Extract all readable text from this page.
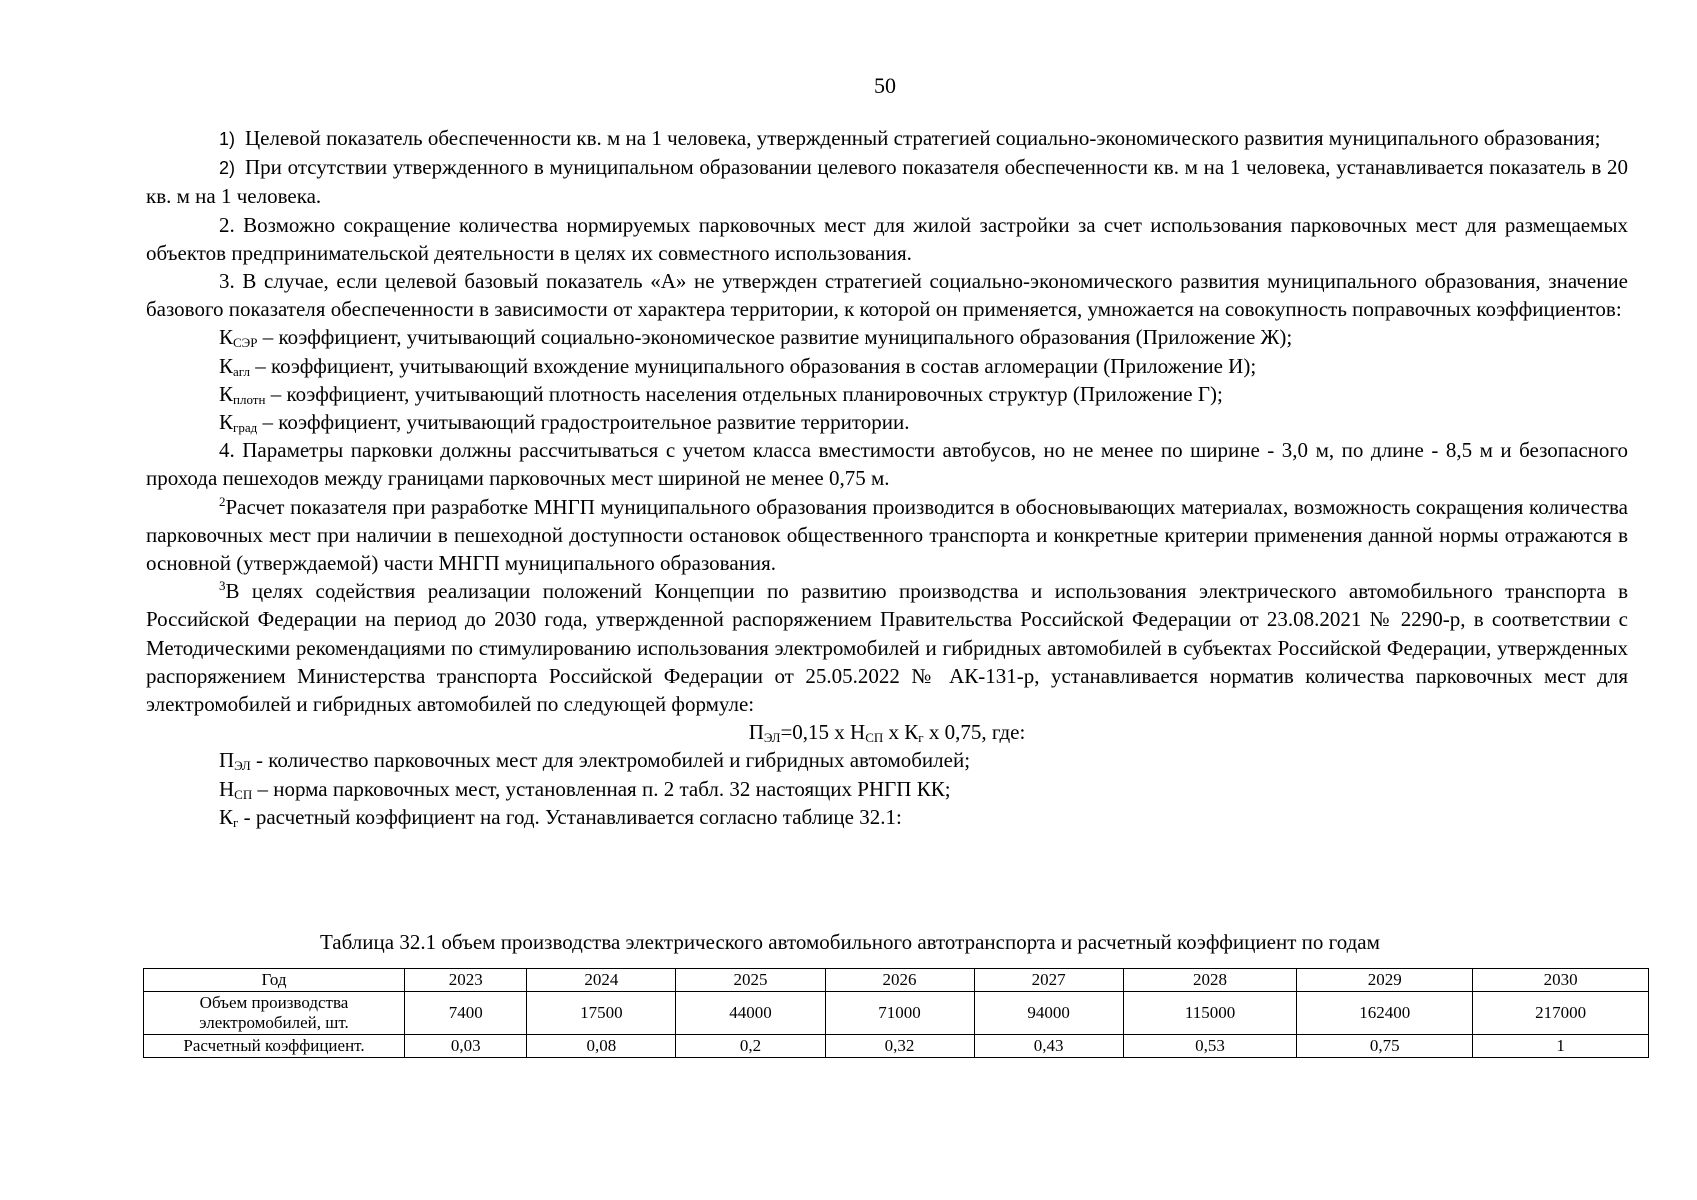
50

1) Целевой показатель обеспеченности кв. м на 1 человека, утвержденный стратегией социально-экономического развития муниципального образования;

2) При отсутствии утвержденного в муниципальном образовании целевого показателя обеспеченности кв. м на 1 человека, устанавливается показатель в 20 кв. м на 1 человека.

2. Возможно сокращение количества нормируемых парковочных мест для жилой застройки за счет использования парковочных мест для размещаемых объектов предпринимательской деятельности в целях их совместного использования.

3. В случае, если целевой базовый показатель «А» не утвержден стратегией социально-экономического развития муниципального образования, значение базового показателя обеспеченности в зависимости от характера территории, к которой он применяется, умножается на совокупность поправочных коэффициентов:

$К_{СЭР}$ – коэффициент, учитывающий социально-экономическое развитие муниципального образования (Приложение Ж);

$К_{агл}$ – коэффициент, учитывающий вхождение муниципального образования в состав агломерации (Приложение И);

$К_{плотн}$ – коэффициент, учитывающий плотность населения отдельных планировочных структур (Приложение Г);

$К_{град}$ – коэффициент, учитывающий градостроительное развитие территории.

4. Параметры парковки должны рассчитываться с учетом класса вместимости автобусов, но не менее по ширине - 3,0 м, по длине - 8,5 м и безопасного прохода пешеходов между границами парковочных мест шириной не менее 0,75 м.

$^2$Расчет показателя при разработке МНГП муниципального образования производится в обосновывающих материалах, возможность сокращения количества парковочных мест при наличии в пешеходной доступности остановок общественного транспорта и конкретные критерии применения данной нормы отражаются в основной (утверждаемой) части МНГП муниципального образования.

$^3$В целях содействия реализации положений Концепции по развитию производства и использования электрического автомобильного транспорта в Российской Федерации на период до 2030 года, утвержденной распоряжением Правительства Российской Федерации от 23.08.2021 № 2290-р, в соответствии с Методическими рекомендациями по стимулированию использования электромобилей и гибридных автомобилей в субъектах Российской Федерации, утвержденных распоряжением Министерства транспорта Российской Федерации от 25.05.2022 № АК-131-р, устанавливается норматив количества парковочных мест для электромобилей и гибридных автомобилей по следующей формуле:

$П_{ЭЛ}=0,15$ х $Н_{СП}$ х $К_г$ х 0,75, где:

$П_{ЭЛ}$ - количество парковочных мест для электромобилей и гибридных автомобилей;

$Н_{СП}$ – норма парковочных мест, установленная п. 2 табл. 32 настоящих РНГП КК;

$К_г$ - расчетный коэффициент на год. Устанавливается согласно таблице 32.1:

Таблица 32.1 объем производства электрического автомобильного автотранспорта и расчетный коэффициент по годам
Год	2023	2024	2025	2026	2027	2028	2029	2030
Объем производства электромобилей, шт.	7400	17500	44000	71000	94000	115000	162400	217000
Расчетный коэффициент.	0,03	0,08	0,2	0,32	0,43	0,53	0,75	1
